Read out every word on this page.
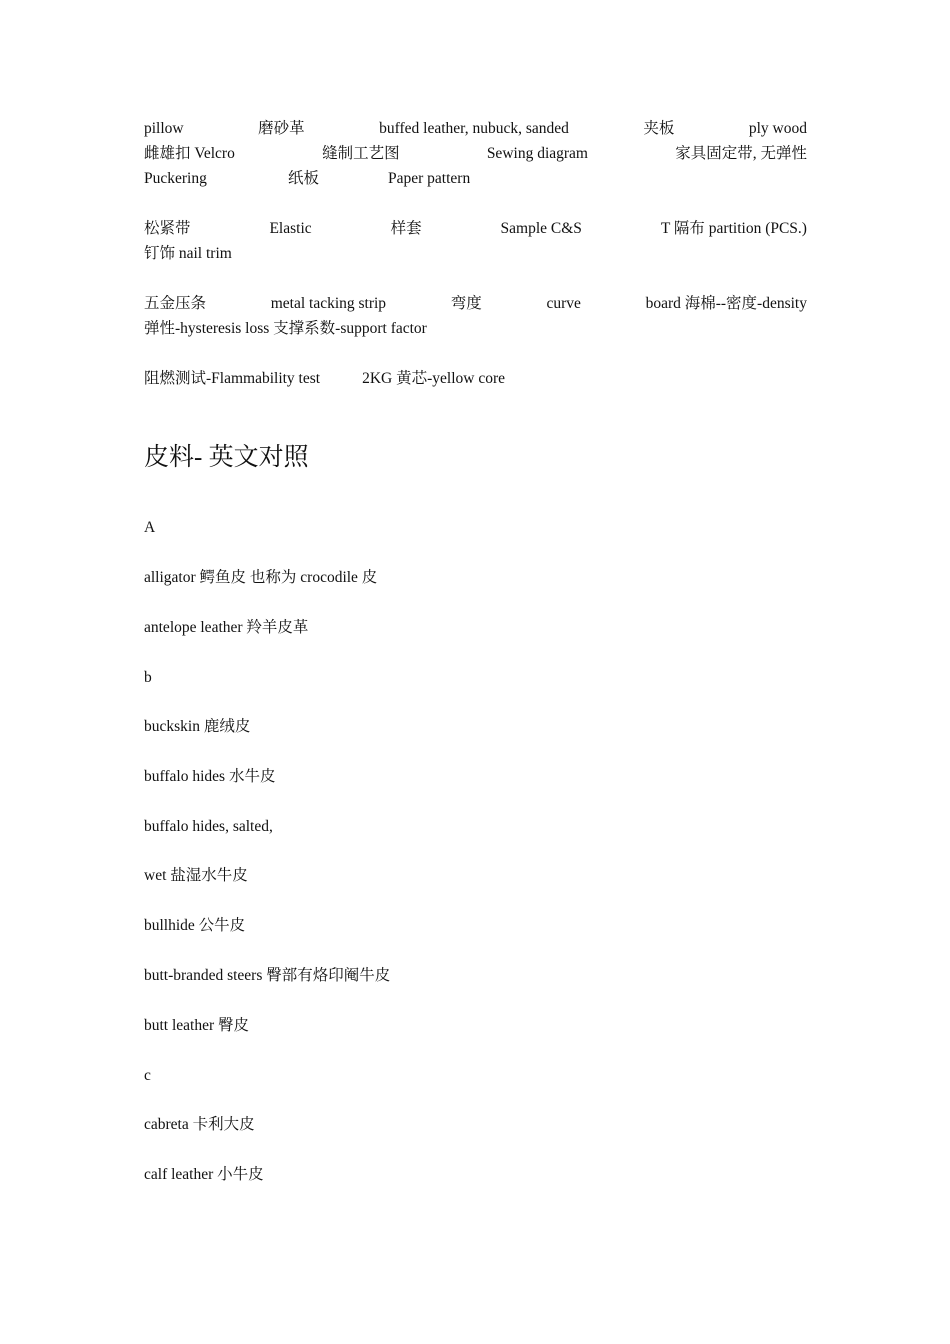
pillow	磨砂革	buffed leather, nubuck, sanded	夹板	ply wood
雌雄扣 Velcro	缝制工艺图	Sewing diagram	家具固定带, 无弹性
Puckering	纸板	Paper pattern
松紧带	Elastic	样套	Sample C&S	T 隔布 partition (PCS.)
钉饰 nail trim
五金压条	metal tacking strip	弯度	curve	board 海棉--密度-density
弹性-hysteresis loss 支撑系数-support factor
阻燃测试-Flammability test	2KG 黄芯-yellow core
皮料- 英文对照
A
alligator 鳄鱼皮 也称为 crocodile 皮
antelope leather 羚羊皮革
b
buckskin 鹿绒皮
buffalo hides 水牛皮
buffalo hides, salted,
wet 盐湿水牛皮
bullhide 公牛皮
butt-branded steers 臀部有烙印阉牛皮
butt leather 臀皮
c
cabreta 卡利大皮
calf leather 小牛皮
